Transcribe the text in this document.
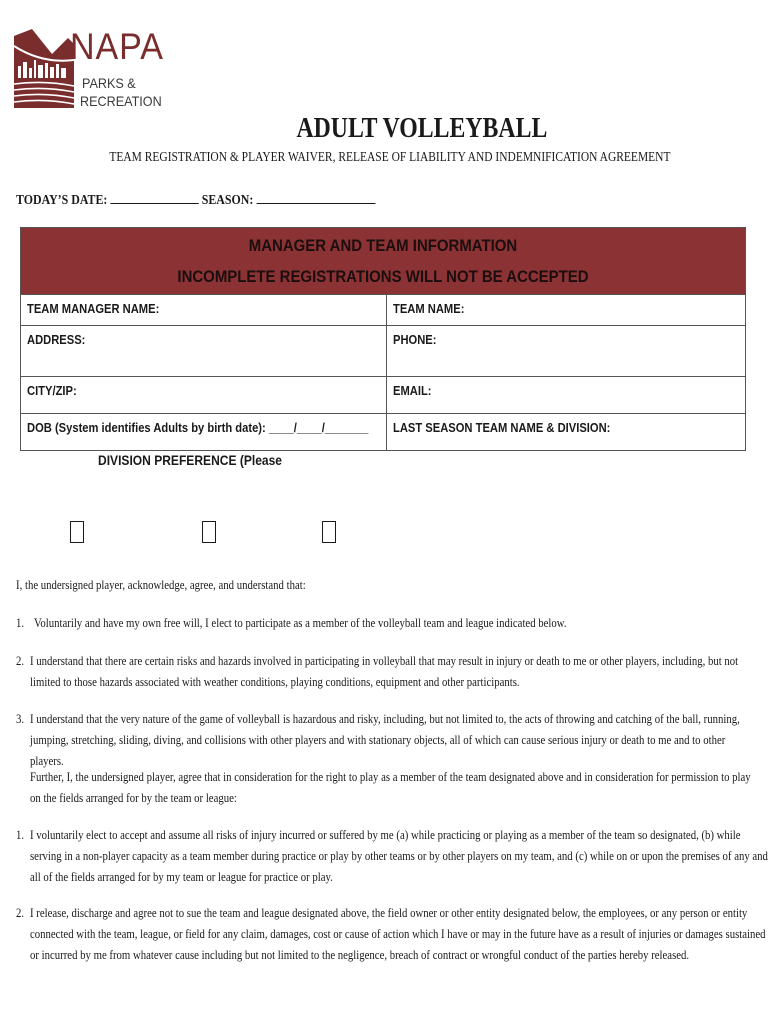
NAPA
PARKS &
RECREATION
ADULT VOLLEYBALL
TEAM REGISTRATION & PLAYER WAIVER, RELEASE OF LIABILITY AND INDEMNIFICATION AGREEMENT
TODAY’S DATE:	SEASON:
MANAGER AND TEAM INFORMATION
INCOMPLETE REGISTRATIONS WILL NOT BE ACCEPTED
TEAM MANAGER NAME:	TEAM NAME:
ADDRESS:	PHONE:
CITY/ZIP:	EMAIL:
DOB (System identifies Adults by birth date): ____/____/_______	LAST SEASON TEAM NAME & DIVISION:
DIVISION PREFERENCE (Please
I, the undersigned player, acknowledge, agree, and understand that:
1. Voluntarily and have my own free will, I elect to participate as a member of the volleyball team and league indicated below.
2. I understand that there are certain risks and hazards involved in participating in volleyball that may result in injury or death to me or other players, including, but not limited to those hazards associated with weather conditions, playing conditions, equipment and other participants.
3. I understand that the very nature of the game of volleyball is hazardous and risky, including, but not limited to, the acts of throwing and catching of the ball, running, jumping, stretching, sliding, diving, and collisions with other players and with stationary objects, all of which can cause serious injury or death to me and to other players.
Further, I, the undersigned player, agree that in consideration for the right to play as a member of the team designated above and in consideration for permission to play on the fields arranged for by the team or league:
1. I voluntarily elect to accept and assume all risks of injury incurred or suffered by me (a) while practicing or playing as a member of the team so designated, (b) while serving in a non-player capacity as a team member during practice or play by other teams or by other players on my team, and (c) while on or upon the premises of any and all of the fields arranged for by my team or league for practice or play.
2. I release, discharge and agree not to sue the team and league designated above, the field owner or other entity designated below, the employees, or any person or entity connected with the team, league, or field for any claim, damages, cost or cause of action which I have or may in the future have as a result of injuries or damages sustained or incurred by me from whatever cause including but not limited to the negligence, breach of contract or wrongful conduct of the parties hereby released.
